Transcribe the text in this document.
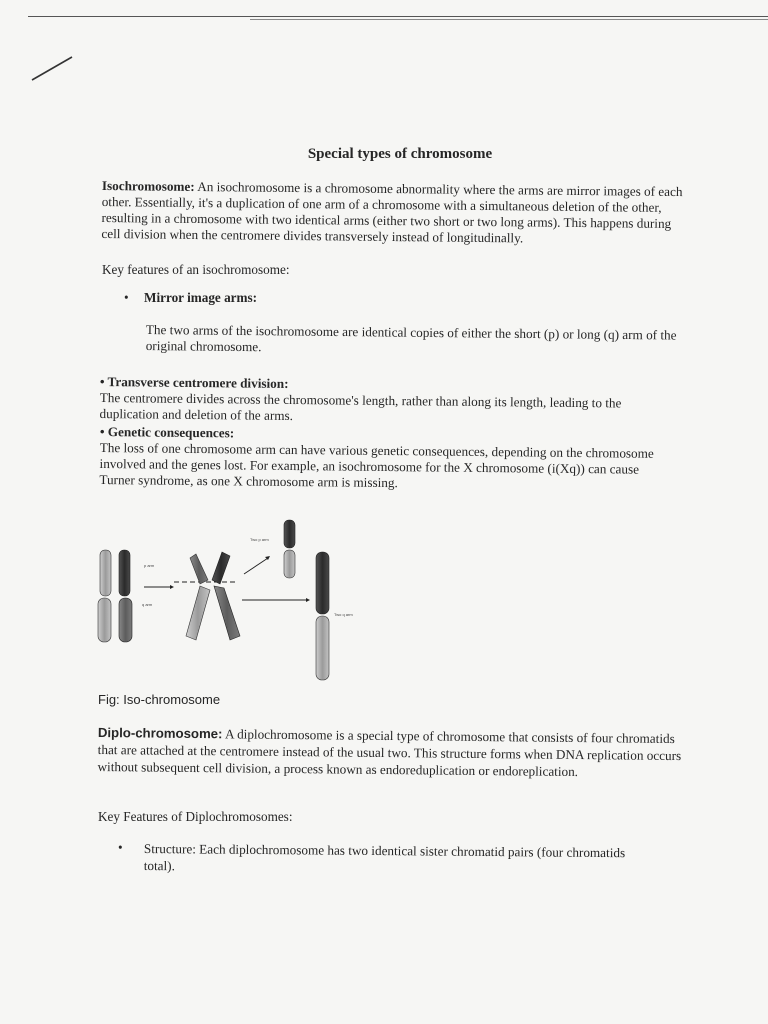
Special types of chromosome
Isochromosome: An isochromosome is a chromosome abnormality where the arms are mirror images of each other. Essentially, it's a duplication of one arm of a chromosome with a simultaneous deletion of the other, resulting in a chromosome with two identical arms (either two short or two long arms). This happens during cell division when the centromere divides transversely instead of longitudinally.
Key features of an isochromosome:
• Mirror image arms:
The two arms of the isochromosome are identical copies of either the short (p) or long (q) arm of the original chromosome.
• Transverse centromere division:
The centromere divides across the chromosome's length, rather than along its length, leading to the duplication and deletion of the arms.
• Genetic consequences:
The loss of one chromosome arm can have various genetic consequences, depending on the chromosome involved and the genes lost. For example, an isochromosome for the X chromosome (i(Xq)) can cause Turner syndrome, as one X chromosome arm is missing.
p arm
q arm
Two p arm
Two q arm
Fig: Iso-chromosome
Diplo-chromosome: A diplochromosome is a special type of chromosome that consists of four chromatids that are attached at the centromere instead of the usual two. This structure forms when DNA replication occurs without subsequent cell division, a process known as endoreduplication or endoreplication.
Key Features of Diplochromosomes:
• Structure: Each diplochromosome has two identical sister chromatid pairs (four chromatids total).
